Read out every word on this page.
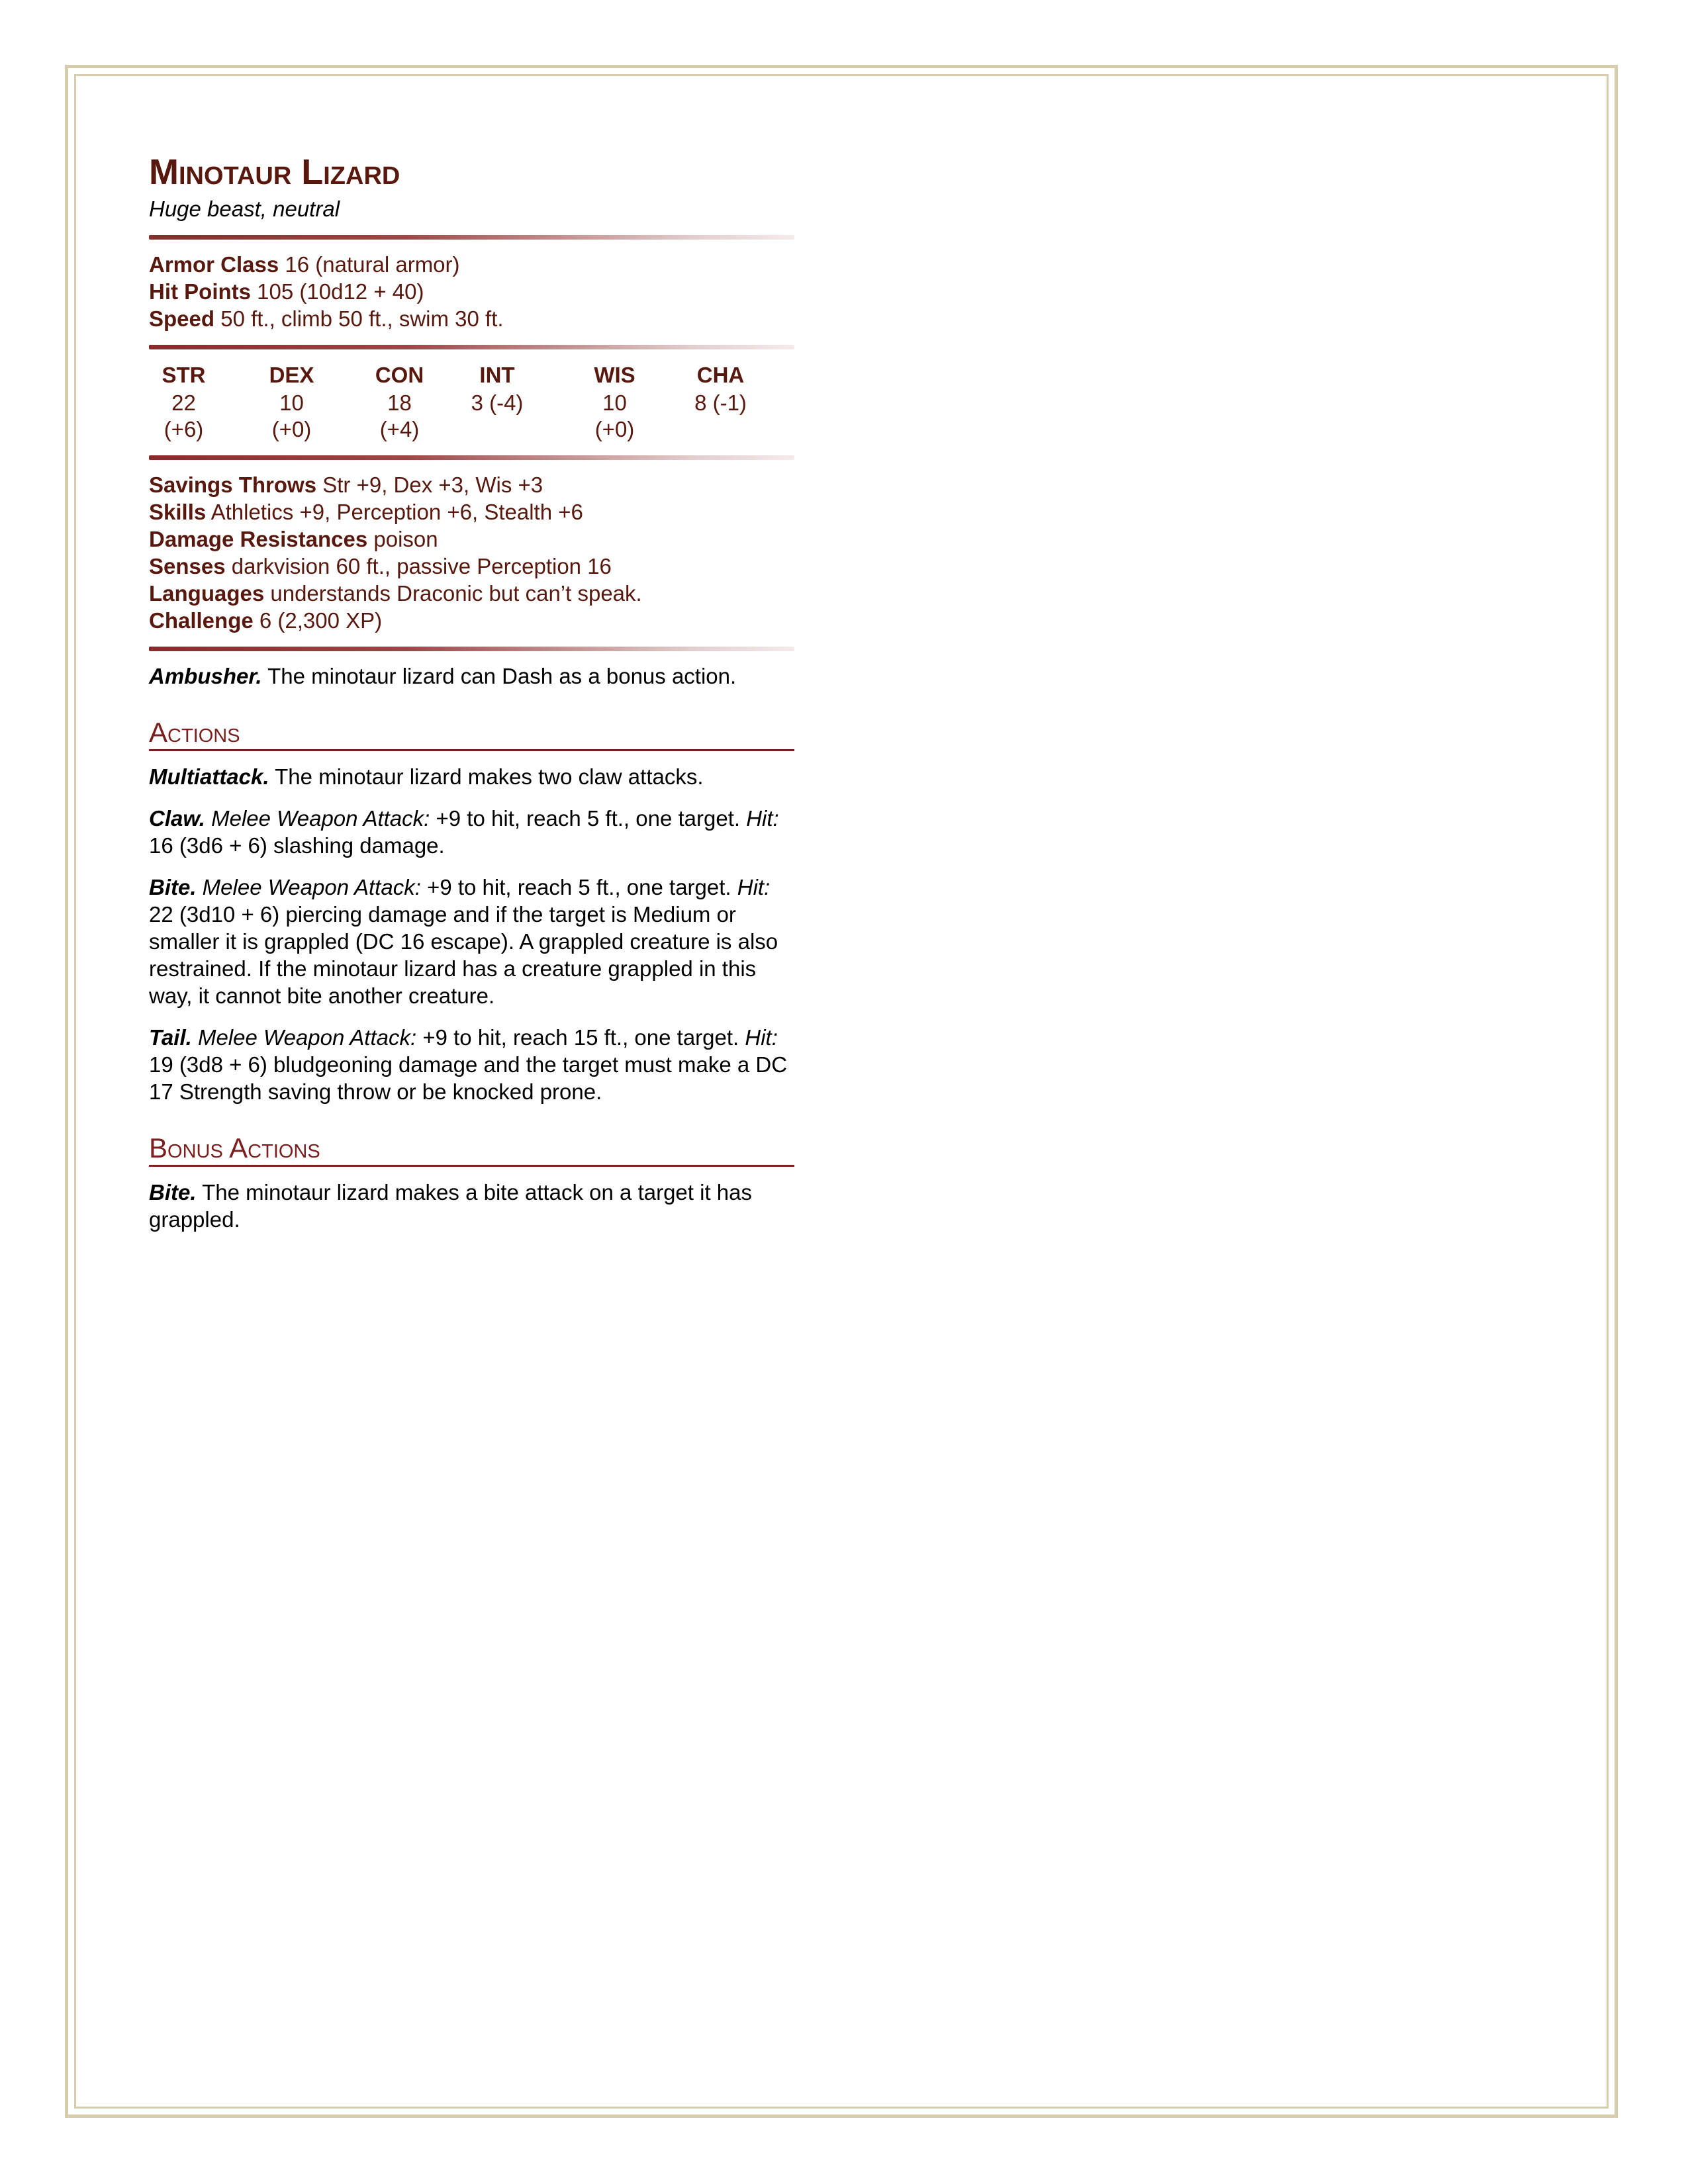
Minotaur Lizard
Huge beast, neutral
Armor Class 16 (natural armor)
Hit Points 105 (10d12 + 40)
Speed 50 ft., climb 50 ft., swim 30 ft.
STR
22 (+6)
DEX
10 (+0)
CON
18 (+4)
INT
3 (-4)
WIS
10 (+0)
CHA
8 (-1)
Savings Throws Str +9, Dex +3, Wis +3
Skills Athletics +9, Perception +6, Stealth +6
Damage Resistances poison
Senses darkvision 60 ft., passive Perception 16
Languages understands Draconic but can’t speak.
Challenge 6 (2,300 XP)

Ambusher. The minotaur lizard can Dash as a bonus action.

Actions

Multiattack. The minotaur lizard makes two claw attacks.

Claw. Melee Weapon Attack: +9 to hit, reach 5 ft., one target. Hit: 16 (3d6 + 6) slashing damage.

Bite. Melee Weapon Attack: +9 to hit, reach 5 ft., one target. Hit: 22 (3d10 + 6) piercing damage and if the target is Medium or smaller it is grappled (DC 16 escape). A grappled creature is also restrained. If the minotaur lizard has a creature grappled in this way, it cannot bite another creature.

Tail. Melee Weapon Attack: +9 to hit, reach 15 ft., one target. Hit: 19 (3d8 + 6) bludgeoning damage and the target must make a DC 17 Strength saving throw or be knocked prone.

Bonus Actions

Bite. The minotaur lizard makes a bite attack on a target it has grappled.
